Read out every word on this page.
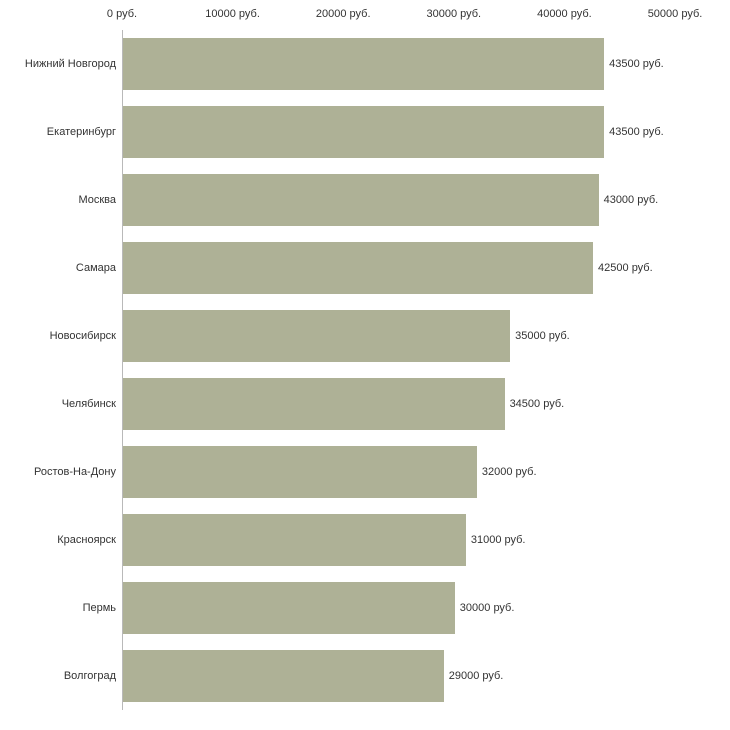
0 руб.	10000 руб.	20000 руб.	30000 руб.	40000 руб.	50000 руб.
Нижний Новгород	43500 руб.
Екатеринбург	43500 руб.
Москва	43000 руб.
Самара	42500 руб.
Новосибирск	35000 руб.
Челябинск	34500 руб.
Ростов-На-Дону	32000 руб.
Красноярск	31000 руб.
Пермь	30000 руб.
Волгоград	29000 руб.
